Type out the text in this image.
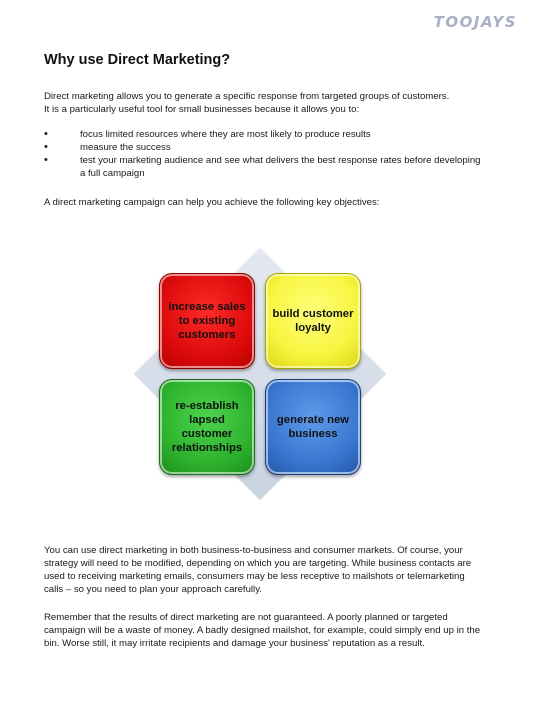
TOOJAYS
Why use Direct Marketing?

Direct marketing allows you to generate a specific response from targeted groups of customers.
It is a particularly useful tool for small businesses because it allows you to:

• focus limited resources where they are most likely to produce results
• measure the success
• test your marketing audience and see what delivers the best response rates before developing a full campaign

A direct marketing campaign can help you achieve the following key objectives:

increase sales to existing customers
build customer loyalty
re-establish lapsed customer relationships
generate new business

You can use direct marketing in both business-to-business and consumer markets. Of course, your strategy will need to be modified, depending on which you are targeting. While business contacts are used to receiving marketing emails, consumers may be less receptive to mailshots or telemarketing calls – so you need to plan your approach carefully.

Remember that the results of direct marketing are not guaranteed. A poorly planned or targeted campaign will be a waste of money. A badly designed mailshot, for example, could simply end up in the bin. Worse still, it may irritate recipients and damage your business' reputation as a result.
